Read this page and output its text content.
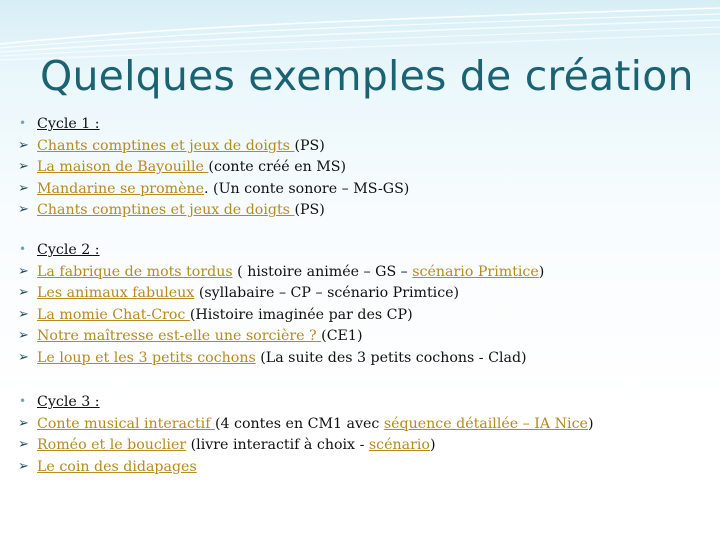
Quelques exemples de création
• Cycle 1 :
➢ Chants comptines et jeux de doigts (PS)
➢ La maison de Bayouille (conte créé en MS)
➢ Mandarine se promène. (Un conte sonore – MS-GS)
➢ Chants comptines et jeux de doigts (PS)
• Cycle 2 :
➢ La fabrique de mots tordus ( histoire animée – GS – scénario Primtice)
➢ Les animaux fabuleux (syllabaire – CP – scénario Primtice)
➢ La momie Chat-Croc (Histoire imaginée par des CP)
➢ Notre maîtresse est-elle une sorcière ? (CE1)
➢ Le loup et les 3 petits cochons (La suite des 3 petits cochons - Clad)
• Cycle 3 :
➢ Conte musical interactif (4 contes en CM1 avec séquence détaillée – IA Nice)
➢ Roméo et le bouclier (livre interactif à choix - scénario)
➢ Le coin des didapages
